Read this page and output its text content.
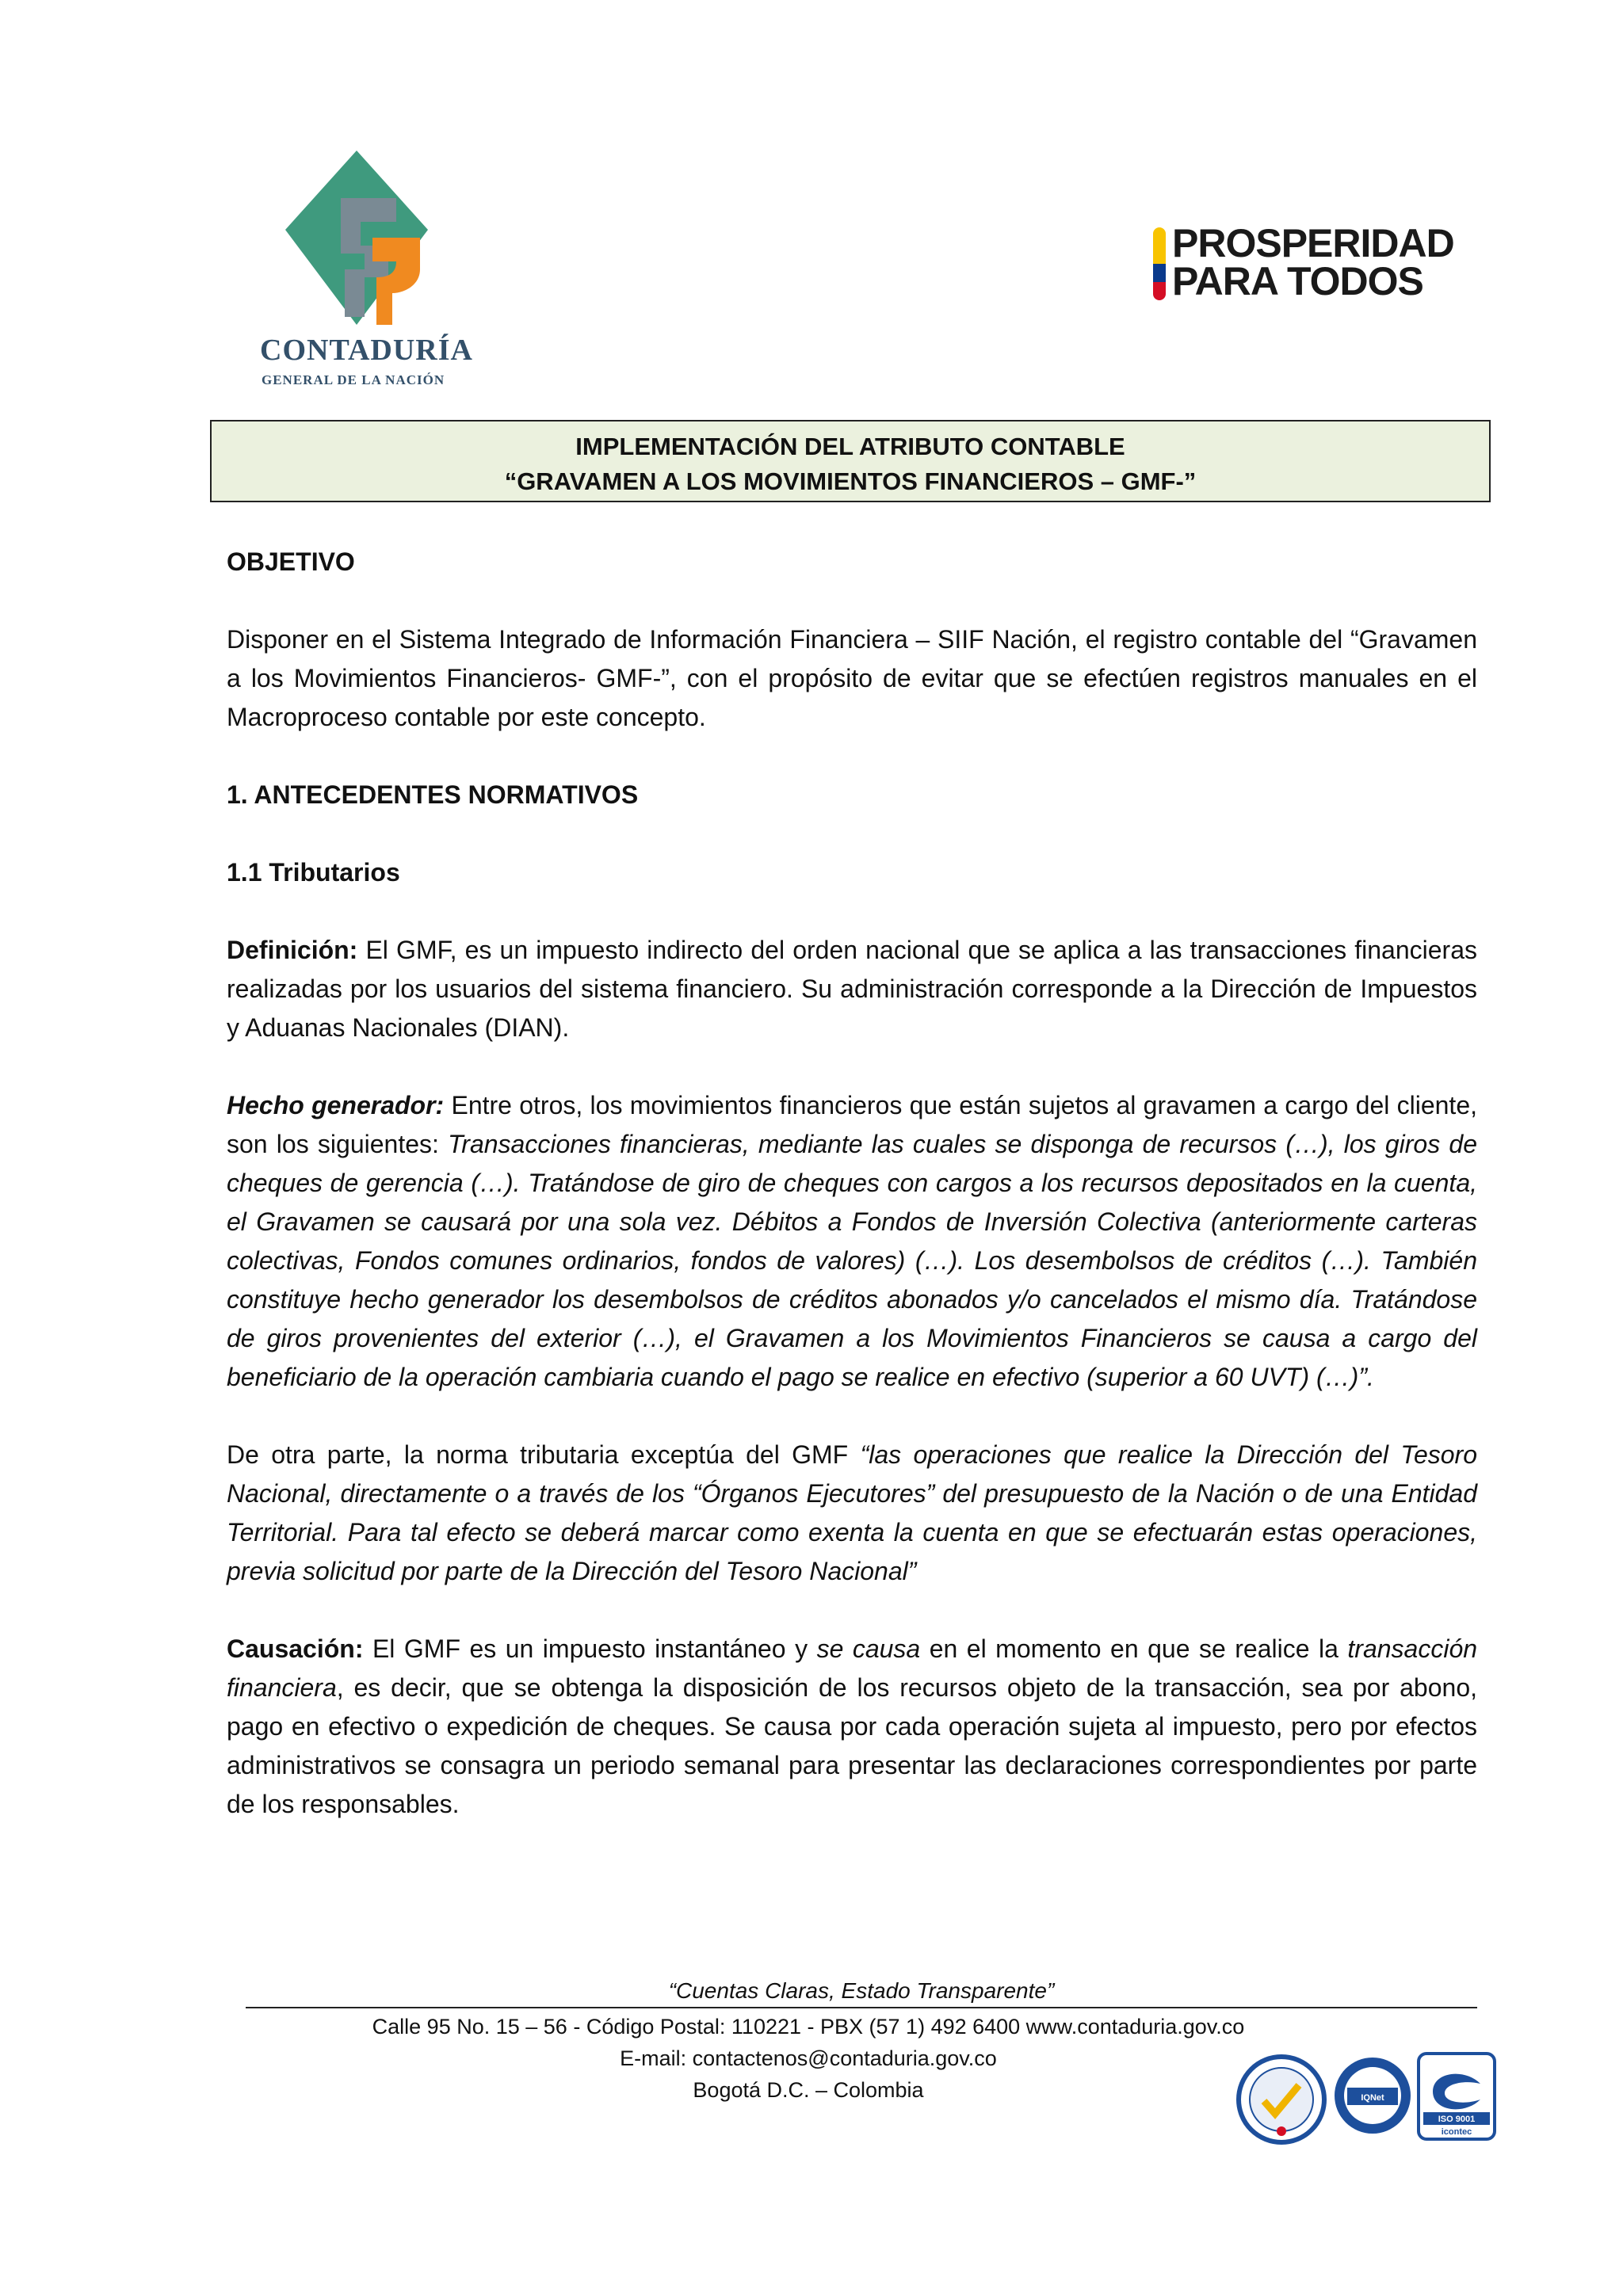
CONTADURÍA
GENERAL DE LA NACIÓN
PROSPERIDAD
PARA TODOS
IMPLEMENTACIÓN DEL ATRIBUTO CONTABLE
“GRAVAMEN A LOS MOVIMIENTOS FINANCIEROS – GMF-”
OBJETIVO

Disponer en el Sistema Integrado de Información Financiera – SIIF Nación, el registro contable del “Gravamen a los Movimientos Financieros- GMF-”, con el propósito de evitar que se efectúen registros manuales en el Macroproceso contable por este concepto.

1. ANTECEDENTES NORMATIVOS
1.1 Tributarios

Definición: El GMF, es un impuesto indirecto del orden nacional que se aplica a las transacciones financieras realizadas por los usuarios del sistema financiero. Su administración corresponde a la Dirección de Impuestos y Aduanas Nacionales (DIAN).

Hecho generador: Entre otros, los movimientos financieros que están sujetos al gravamen a cargo del cliente, son los siguientes: Transacciones financieras, mediante las cuales se disponga de recursos (…), los giros de cheques de gerencia (…). Tratándose de giro de cheques con cargos a los recursos depositados en la cuenta, el Gravamen se causará por una sola vez. Débitos a Fondos de Inversión Colectiva (anteriormente carteras colectivas, Fondos comunes ordinarios, fondos de valores) (…). Los desembolsos de créditos (…). También constituye hecho generador los desembolsos de créditos abonados y/o cancelados el mismo día. Tratándose de giros provenientes del exterior (…), el Gravamen a los Movimientos Financieros se causa a cargo del beneficiario de la operación cambiaria cuando el pago se realice en efectivo (superior a 60 UVT) (…)”.

De otra parte, la norma tributaria exceptúa del GMF “las operaciones que realice la Dirección del Tesoro Nacional, directamente o a través de los “Órganos Ejecutores” del presupuesto de la Nación o de una Entidad Territorial. Para tal efecto se deberá marcar como exenta la cuenta en que se efectuarán estas operaciones, previa solicitud por parte de la Dirección del Tesoro Nacional”

Causación: El GMF es un impuesto instantáneo y se causa en el momento en que se realice la transacción financiera, es decir, que se obtenga la disposición de los recursos objeto de la transacción, sea por abono, pago en efectivo o expedición de cheques. Se causa por cada operación sujeta al impuesto, pero por efectos administrativos se consagra un periodo semanal para presentar las declaraciones correspondientes por parte de los responsables.

“Cuentas Claras, Estado Transparente”
Calle 95 No. 15 – 56 - Código Postal: 110221 - PBX (57 1) 492 6400 www.contaduria.gov.co
E-mail: contactenos@contaduria.gov.co
Bogotá D.C. – Colombia	IQNet
ISO 9001
icontec
